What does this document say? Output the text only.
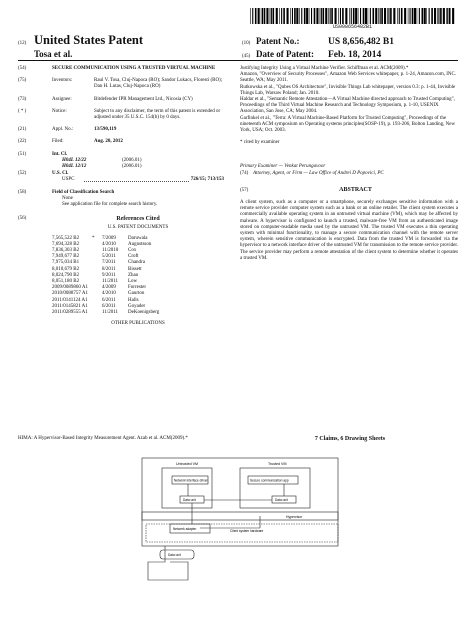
US008656482B1
(12) United States Patent	(10) Patent No.:	US 8,656,482 B1
Tosa et al.	(45) Date of Patent:	Feb. 18, 2014
(54)	SECURE COMMUNICATION USING A TRUSTED VIRTUAL MACHINE
(75)	Inventors:	Raul V. Tosa, Cluj-Napoca (RO); Sandor Lukacs, Floresti (RO); Dan H. Lutas, Cluj-Napoca (RO)
(73)	Assignee:	Bitdefender IPR Management Ltd., Nicosia (CY)
( * )	Notice:	Subject to any disclaimer, the term of this patent is extended or adjusted under 35 U.S.C. 154(b) by 0 days.
(21)	Appl. No.:	13/590,119
(22)	Filed:	Aug. 20, 2012
(51)	Int. Cl.
H04L 12/22	(2006.01)
H04L 12/12	(2006.01)
(52)	U.S. Cl.
USPC	726/15; 713/153
(58)	Field of Classification Search
None
See application file for complete search history.
(56)	References Cited
U.S. PATENT DOCUMENTS
7,565,522 B2	*	7/2009	Daruwala
7,694,328 B2	4/2010	Augustsson
7,836,303 B2	11/2010	Cox
7,949,677 B2	5/2011	Croft
7,975,034 B1	7/2011	Chandra
8,010,679 B2	8/2011	Bissett
8,024,790 B2	9/2011	Zhao
8,051,180 B2	11/2011	Low
2009/0089860 A1	4/2009	Forrester
2010/0088757 A1	4/2010	Gaurton
2011/0141124 A1	6/2011	Halls
2011/0145821 A1	6/2011	Goyader
2011/0289555 A1	11/2011	DeKoenigsberg
OTHER PUBLICATIONS
HIMA: A Hypervisor-Based Integrity Measurement Agent. Azab et al. ACM(2009).*
Justifying Integrity Using a Virtual Machine Verifier. Schiffman et al. ACM(2009).*
Amazon, "Overview of Security Processes", Amazon Web Services whitepaper, p. 1-24, Amazon.com, INC. Seattle, WA; May 2011.
Rutkowska et al., "Qubes OS Architecture", Invisible Things Lab whitepaper, version 0.3: p. 1-44, Invisible Things Lab, Warsaw Poland; Jan. 2010.
Haldar et al., "Semantic Remote Attestation—A Virtual Machine directed approach to Trusted Computing", Proceedings of the Third Virtual Machine Research and Technology Symposium, p. 1-10, USENIX Association, San Jose, CA; May 2004.
Garfinkel et al., "Terra: A Virtual Machine-Based Platform for Trusted Computing", Proceedings of the nineteenth ACM symposium on Operating systems principles(SOSP-19), p. 193-206, Bolton Landing, New York, USA; Oct. 2003.
* cited by examiner
Primary Examiner — Venkat Perungavoor
(74) Attorney, Agent, or Firm — Law Office of Andrei D Popovici, PC
(57)	ABSTRACT
A client system, such as a computer or a smartphone, securely exchanges sensitive information with a remote service provider computer system such as a bank or an online retailer. The client system executes a commercially available operating system in an untrusted virtual machine (VM), which may be affected by malware. A hypervisor is configured to launch a trusted, malware-free VM from an authenticated image stored on computer-readable media used by the untrusted VM. The trusted VM executes a thin operating system with minimal functionality, to manage a secure communication channel with the remote server system, wherein sensitive communication is encrypted. Data from the trusted VM is forwarded via the hypervisor to a network interface driver of the untrusted VM for transmission to the remote service provider. The service provider may perform a remote attestation of the client system to determine whether it operates a trusted VM.
7 Claims, 6 Drawing Sheets
Untrusted VM	Trusted VM
Network interface driver	Secure communication app
Data unit	Data unit
Hypervisor
Network adapter	Client system hardware
Data unit
